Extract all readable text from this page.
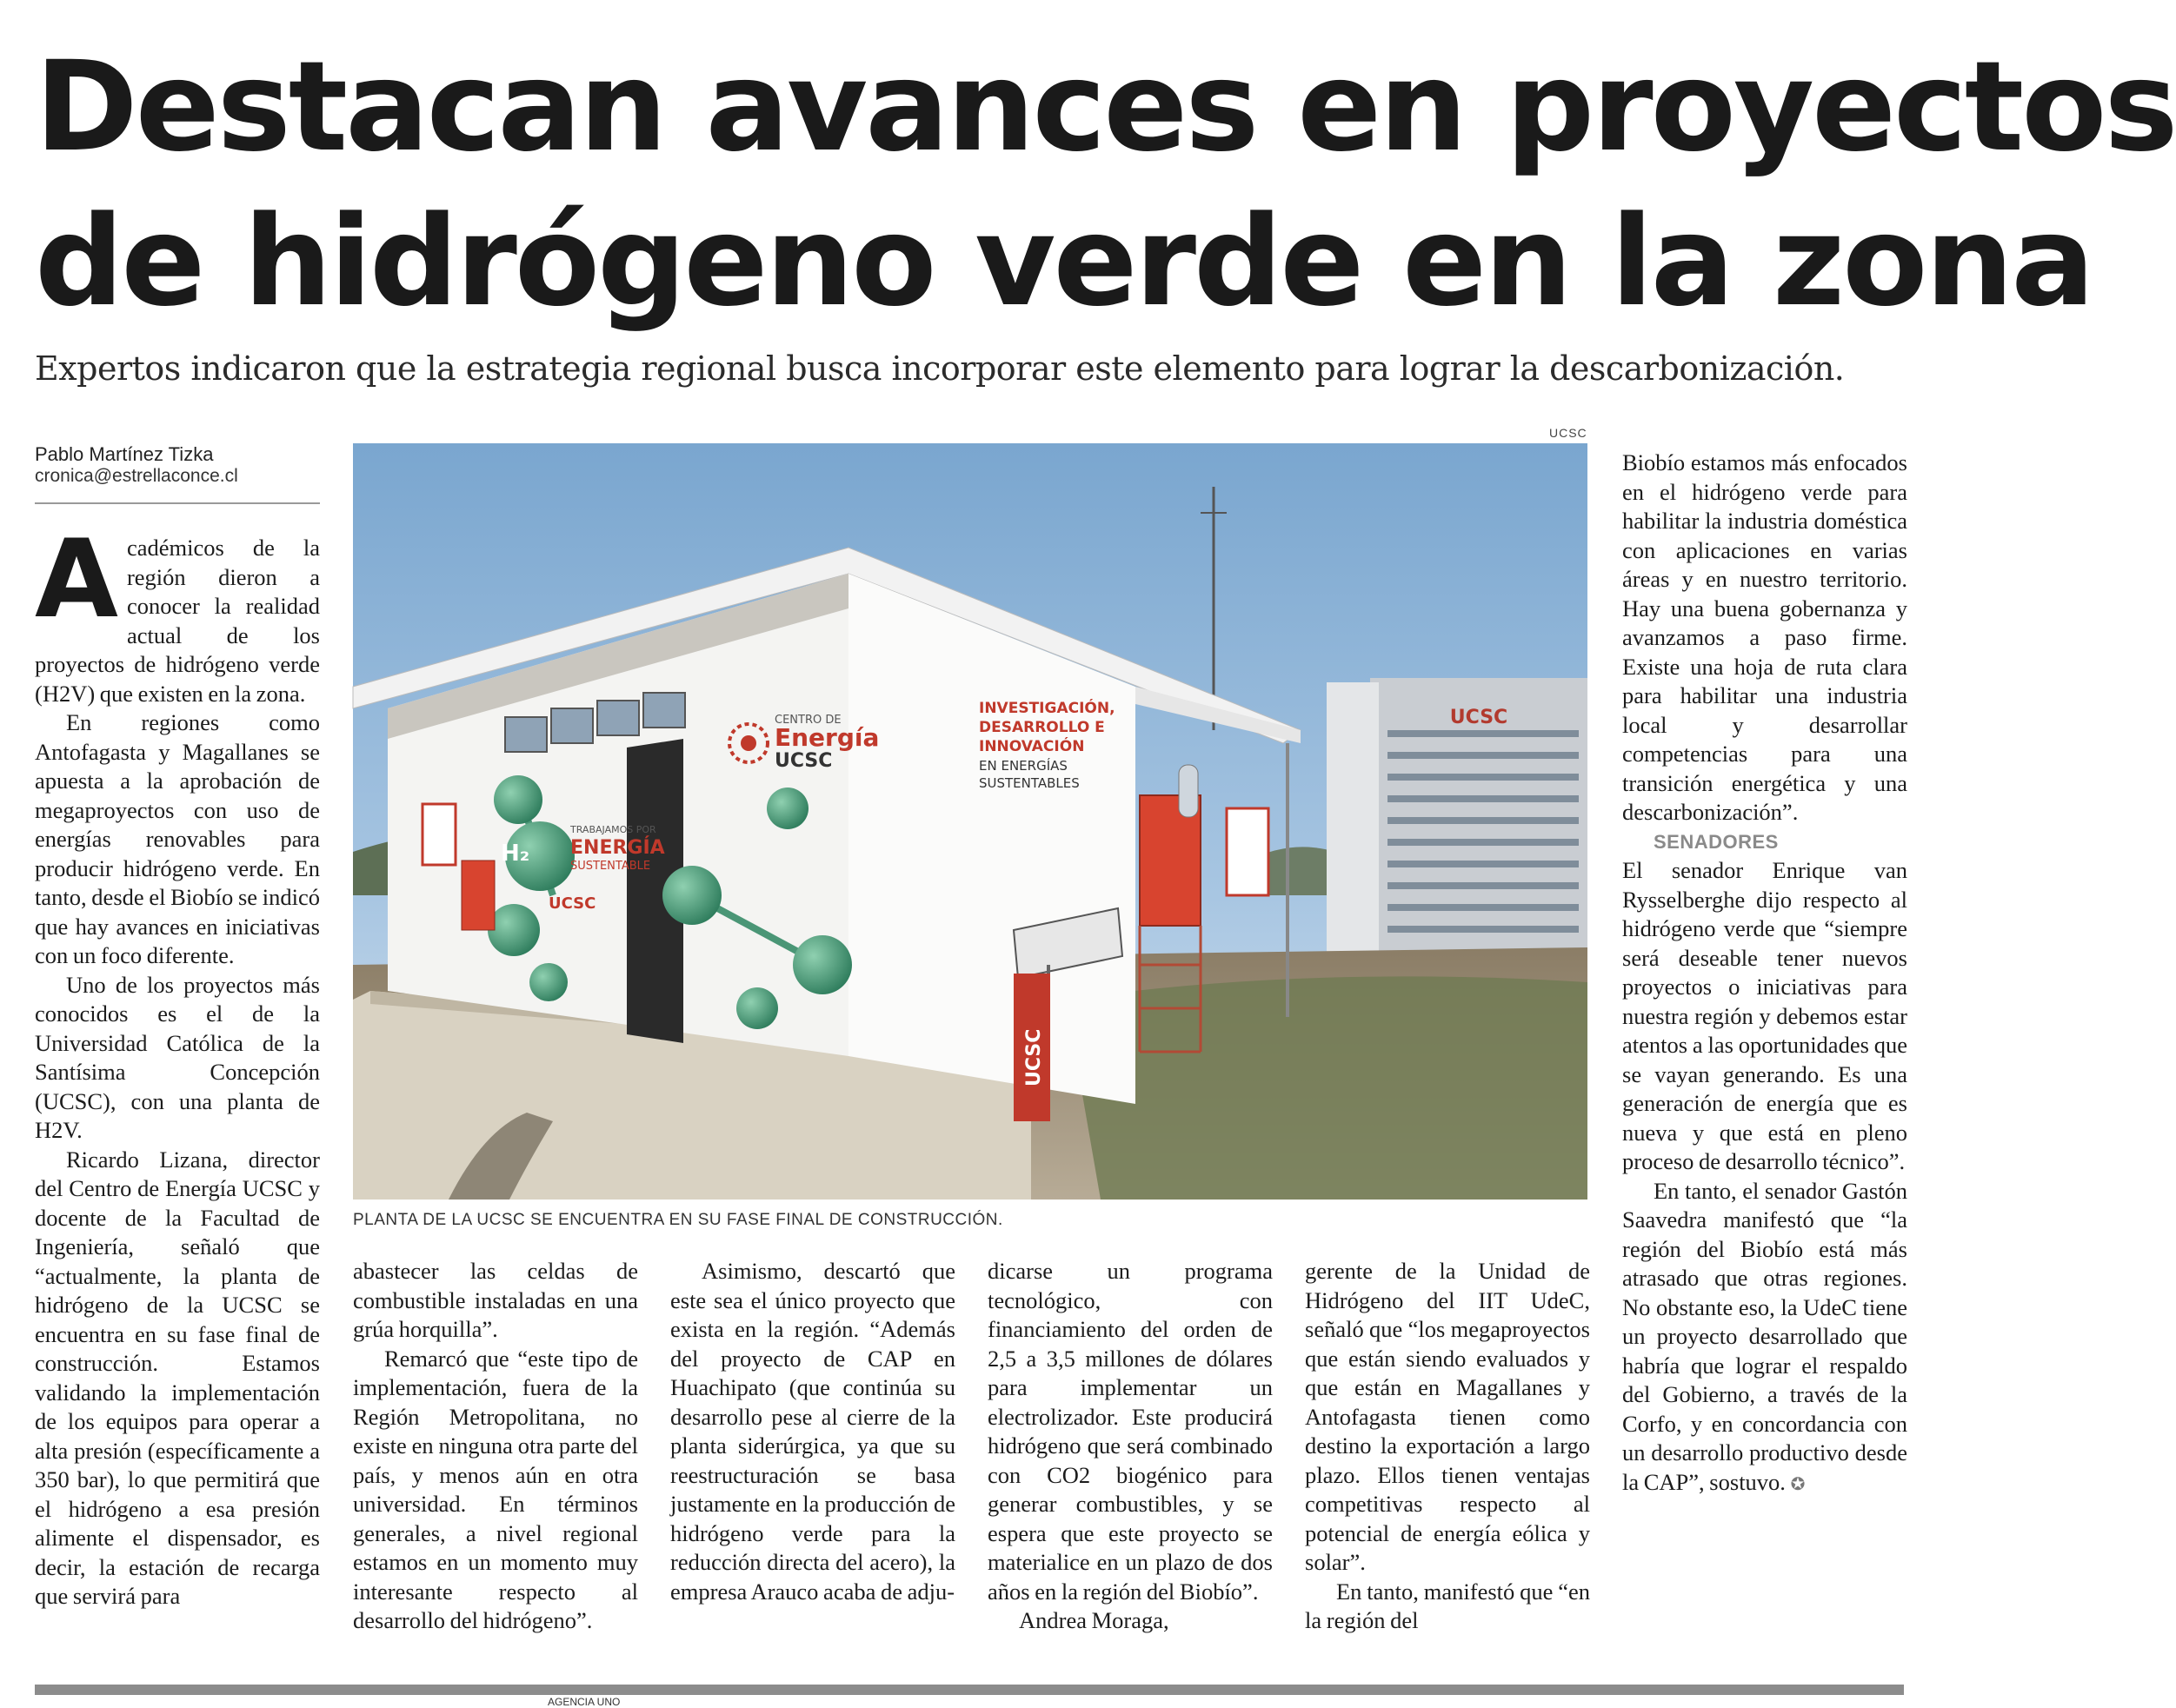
Destacan avances en proyectos
de hidrógeno verde en la zona
Expertos indicaron que la estrategia regional busca incorporar este elemento para lograr la descarbonización.
Pablo Martínez Tizka
cronica@estrellaconce.cl
UCSC
UCSC
H₂
TRABAJAMOS POR
ENERGÍA
SUSTENTABLE
UCSC
CENTRO DE
Energía
UCSC
INVESTIGACIÓN,
DESARROLLO E
INNOVACIÓN
EN ENERGÍAS
SUSTENTABLES
UCSC
PLANTA DE LA UCSC SE ENCUENTRA EN SU FASE FINAL DE CONSTRUCCIÓN.

Académicos de la región dieron a conocer la realidad actual de los proyectos de hidrógeno verde (H2V) que existen en la zona.

En regiones como Antofagasta y Magallanes se apuesta a la aprobación de megaproyectos con uso de energías renovables para producir hidrógeno verde. En tanto, desde el Biobío se indicó que hay avances en iniciativas con un foco diferente.

Uno de los proyectos más conocidos es el de la Universidad Católica de la Santísima Concepción (UCSC), con una planta de H2V.

Ricardo Lizana, director del Centro de Energía UCSC y docente de la Facultad de Ingeniería, señaló que “actualmente, la planta de hidrógeno de la UCSC se encuentra en su fase final de construcción. Estamos validando la implementación de los equipos para operar a alta presión (específicamente a 350 bar), lo que permitirá que el hidrógeno a esa presión alimente el dispensador, es decir, la estación de recarga que servirá para

abastecer las celdas de combustible instaladas en una grúa horquilla”.

Remarcó que “este tipo de implementación, fuera de la Región Metropolitana, no existe en ninguna otra parte del país, y menos aún en otra universidad. En términos generales, a nivel regional estamos en un momento muy interesante respecto al desarrollo del hidrógeno”.

Asimismo, descartó que este sea el único proyecto que exista en la región. “Además del proyecto de CAP en Huachipato (que continúa su desarrollo pese al cierre de la planta siderúrgica, ya que su reestructuración se basa justamente en la producción de hidrógeno verde para la reducción directa del acero), la empresa Arauco acaba de adju-

dicarse un programa tecnológico, con financiamiento del orden de 2,5 a 3,5 millones de dólares para implementar un electrolizador. Este producirá hidrógeno que será combinado con CO2 biogénico para generar combustibles, y se espera que este proyecto se materialice en un plazo de dos años en la región del Biobío”.

Andrea Moraga,

gerente de la Unidad de Hidrógeno del IIT UdeC, señaló que “los megaproyectos que están siendo evaluados y que están en Magallanes y Antofagasta tienen como destino la exportación a largo plazo. Ellos tienen ventajas competitivas respecto al potencial de energía eólica y solar”.

En tanto, manifestó que “en la región del

Biobío estamos más enfocados en el hidrógeno verde para habilitar la industria doméstica con aplicaciones en varias áreas y en nuestro territorio. Hay una buena gobernanza y avanzamos a paso firme. Existe una hoja de ruta clara para habilitar una industria local y desarrollar competencias para una transición energética y una descarbonización”.

SENADORES

El senador Enrique van Rysselberghe dijo respecto al hidrógeno verde que “siempre será deseable tener nuevos proyectos o iniciativas para nuestra región y debemos estar atentos a las oportunidades que se vayan generando. Es una generación de energía que es nueva y que está en pleno proceso de desarrollo técnico”.

En tanto, el senador Gastón Saavedra manifestó que “la región del Biobío está más atrasado que otras regiones. No obstante eso, la UdeC tiene un proyecto desarrollado que habría que lograr el respaldo del Gobierno, a través de la Corfo, y en concordancia con un desarrollo productivo desde la CAP”, sostuvo. ✪

AGENCIA UNO
